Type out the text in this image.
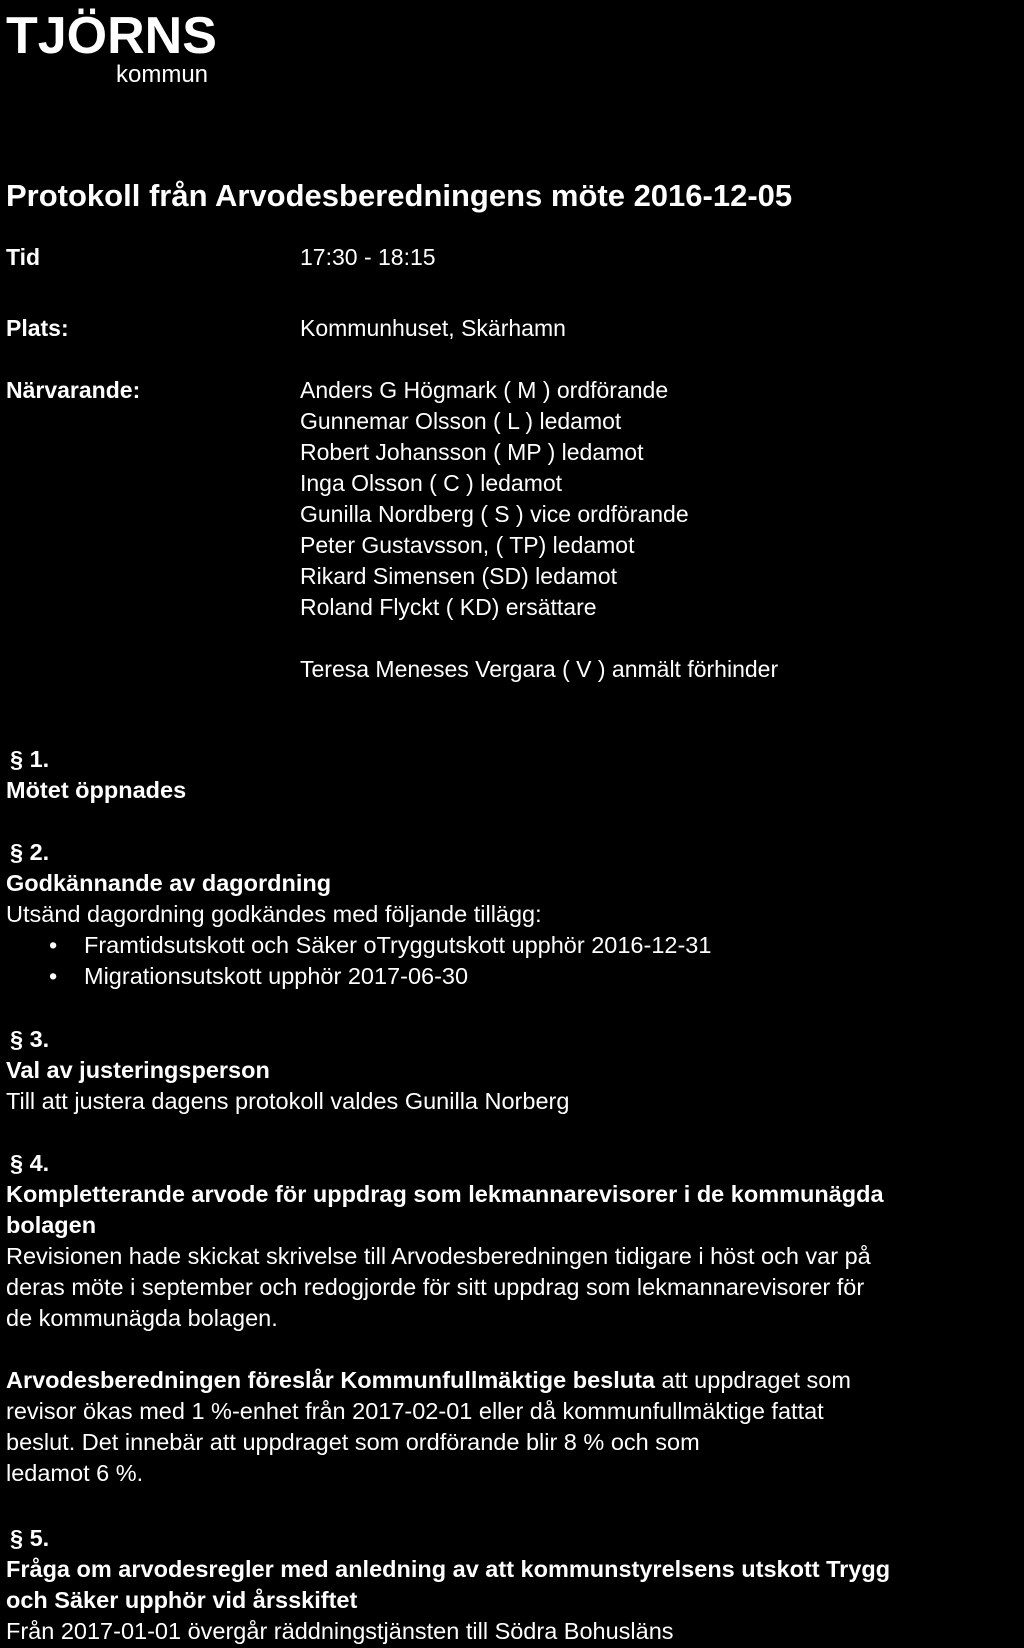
TJÖRNS
kommun
Protokoll från Arvodesberedningens möte 2016-12-05
Tid	17:30 - 18:15
Plats:	Kommunhuset, Skärhamn
Närvarande:	Anders G Högmark ( M ) ordförande
Gunnemar Olsson ( L ) ledamot
Robert Johansson ( MP ) ledamot
Inga Olsson ( C ) ledamot
Gunilla Nordberg ( S ) vice ordförande
Peter Gustavsson, ( TP) ledamot
Rikard Simensen (SD) ledamot
Roland Flyckt ( KD) ersättare
Teresa Meneses Vergara ( V ) anmält förhinder
§ 1.
Mötet öppnades
§ 2.
Godkännande av dagordning
Utsänd dagordning godkändes med följande tillägg:
• Framtidsutskott och Säker oTryggutskott upphör 2016-12-31
• Migrationsutskott upphör 2017-06-30
§ 3.
Val av justeringsperson
Till att justera dagens protokoll valdes Gunilla Norberg
§ 4.
Kompletterande arvode för uppdrag som lekmannarevisorer i de kommunägda
bolagen
Revisionen hade skickat skrivelse till Arvodesberedningen tidigare i höst och var på
deras möte i september och redogjorde för sitt uppdrag som lekmannarevisorer för
de kommunägda bolagen.
Arvodesberedningen föreslår Kommunfullmäktige besluta att uppdraget som
revisor ökas med 1 %-enhet från 2017-02-01 eller då kommunfullmäktige fattat
beslut. Det innebär att uppdraget som ordförande blir 8 % och som
ledamot 6 %.
§ 5.
Fråga om arvodesregler med anledning av att kommunstyrelsens utskott Trygg
och Säker upphör vid årsskiftet
Från 2017-01-01 övergår räddningstjänsten till Södra Bohusläns
